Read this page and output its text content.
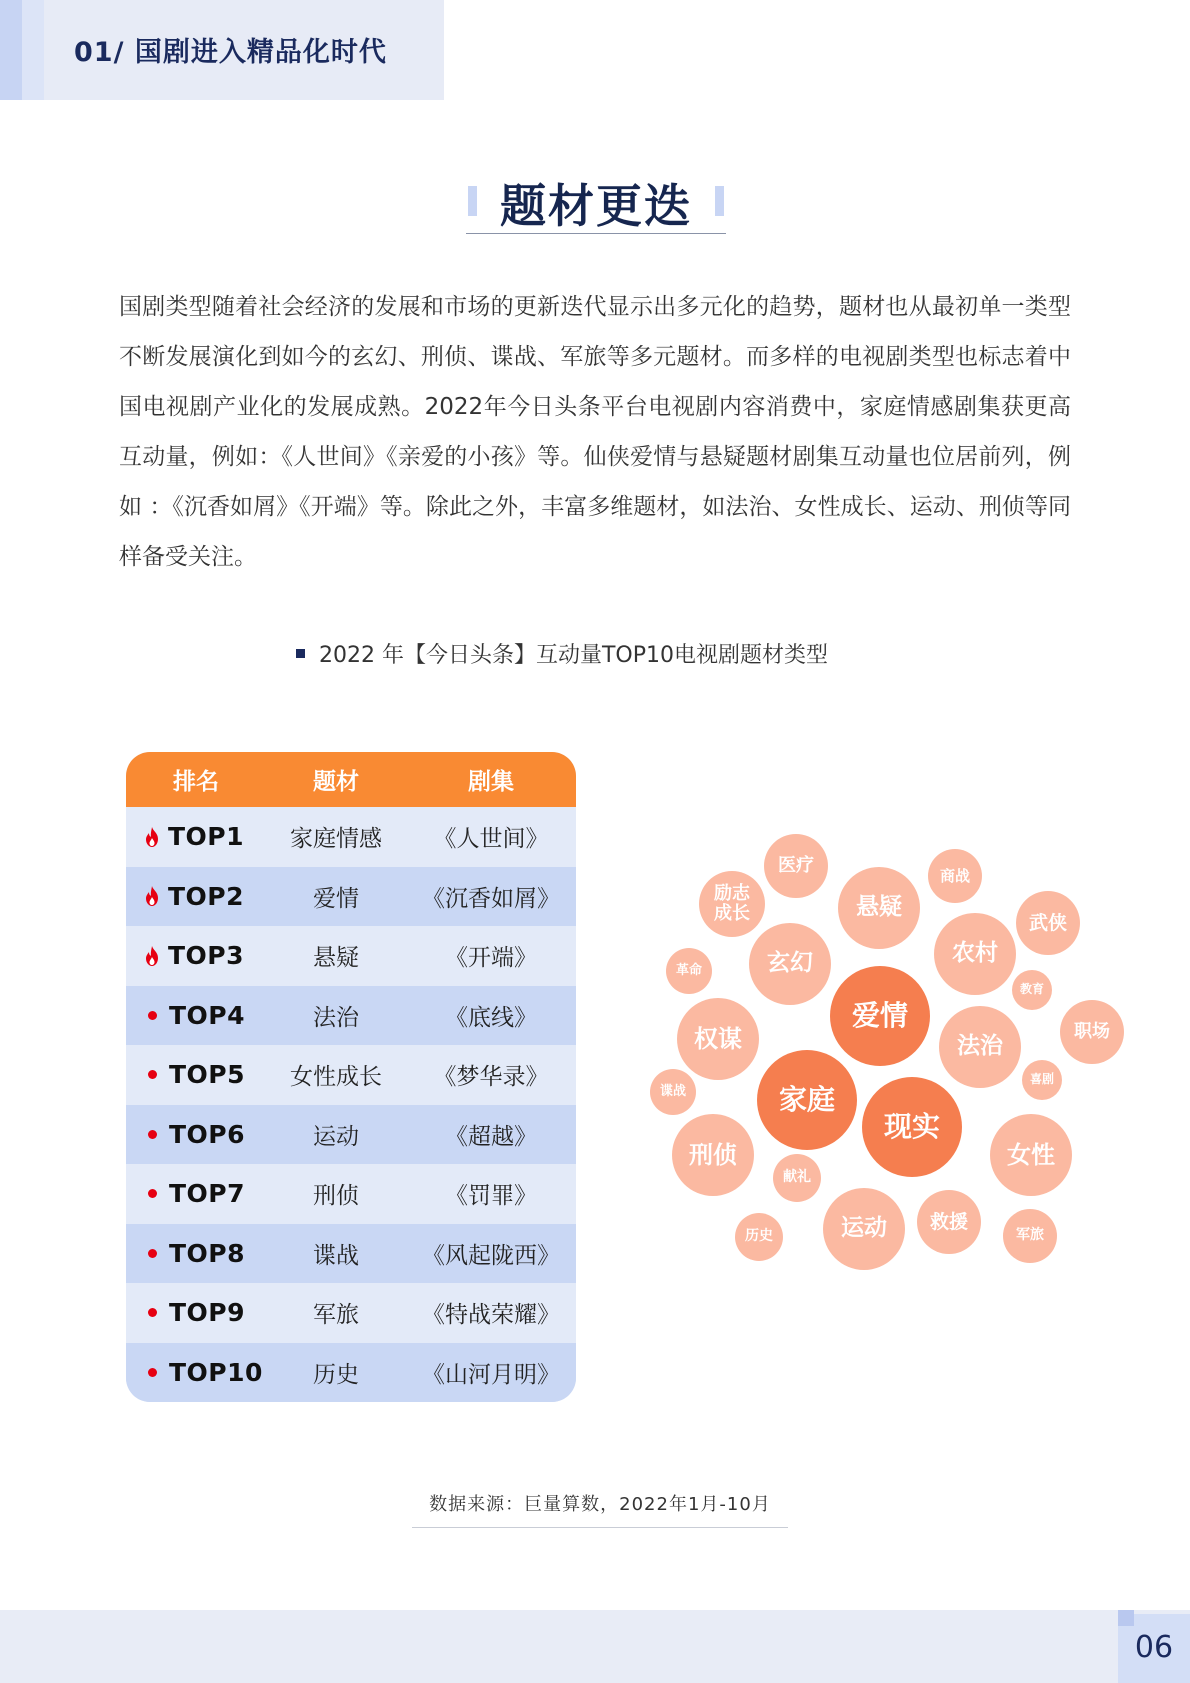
01/ 国剧进入精品化时代
题材更迭
国剧类型随着社会经济的发展和市场的更新迭代显示出多元化的趋势，题材也从最初单一类型不断发展演化到如今的玄幻、刑侦、谍战、军旅等多元题材。而多样的电视剧类型也标志着中国电视剧产业化的发展成熟。2022年今日头条平台电视剧内容消费中，家庭情感剧集获更高互动量，例如：《人世间》《亲爱的小孩》等。仙侠爱情与悬疑题材剧集互动量也位居前列，例如 ：《沉香如屑》《开端》等。除此之外，丰富多维题材，如法治、女性成长、运动、刑侦等同样备受关注。
2022 年【今日头条】互动量TOP10电视剧题材类型
排名	题材	剧集
TOP1	家庭情感	《人世间》
TOP2	爱情	《沉香如屑》
TOP3	悬疑	《开端》
TOP4	法治	《底线》
TOP5	女性成长	《梦华录》
TOP6	运动	《超越》
TOP7	刑侦	《罚罪》
TOP8	谍战	《风起陇西》
TOP9	军旅	《特战荣耀》
TOP10	历史	《山河月明》
医疗	商战
励志成长	悬疑
武侠
玄幻	农村
革命
教育
爱情
权谋	法治
职场
谍战
喜剧
家庭
现实
刑侦	女性
献礼
运动	救援
历史	军旅
数据来源：巨量算数，2022年1月-10月
06
